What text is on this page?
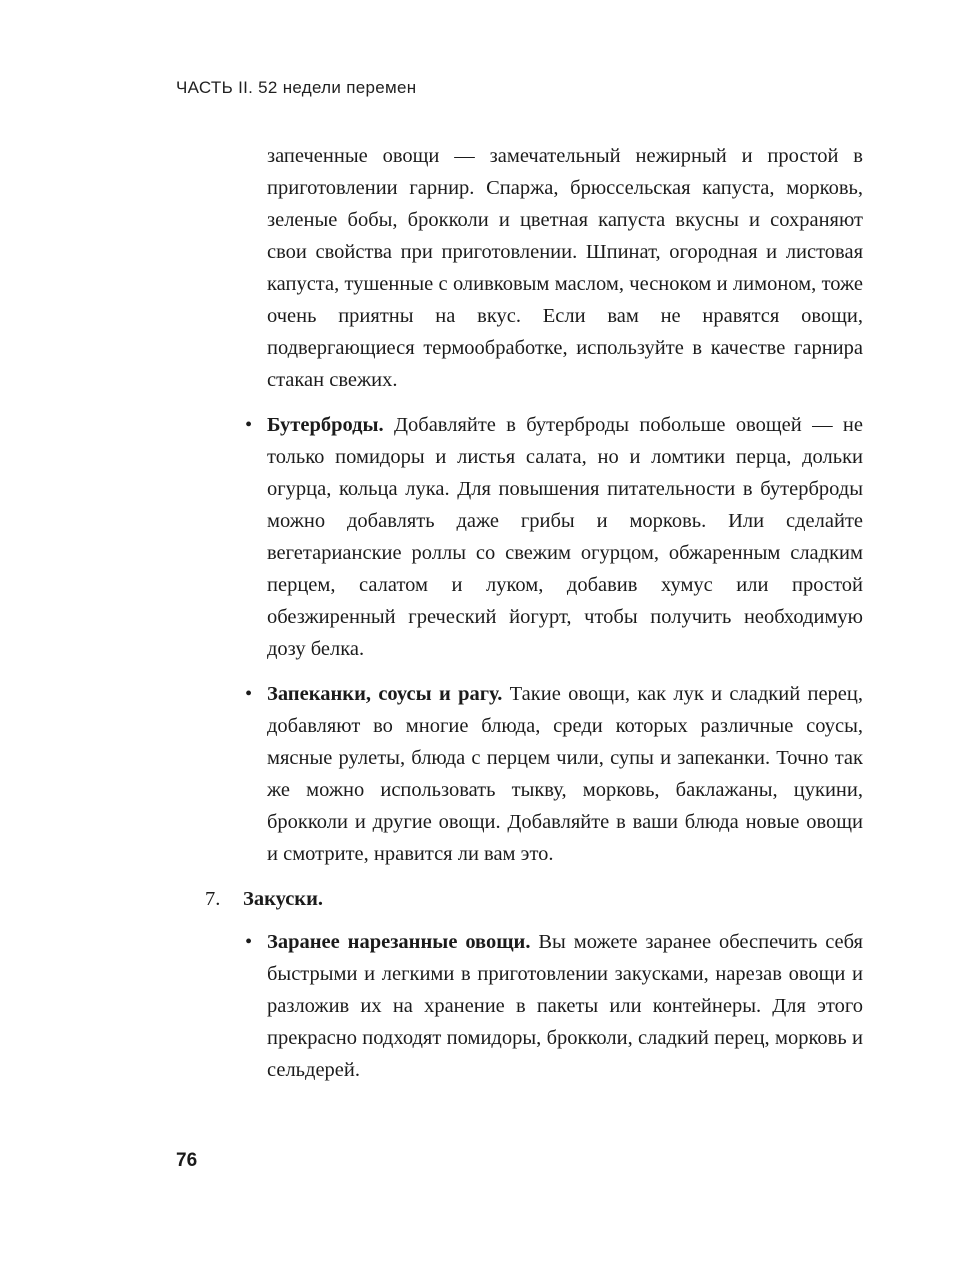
ЧАСТЬ II. 52 недели перемен

запеченные овощи — замечательный нежирный и простой в приготовлении гарнир. Спаржа, брюссельская капуста, морковь, зеленые бобы, брокколи и цветная капуста вкусны и сохраняют свои свойства при приготовлении. Шпинат, огородная и листовая капуста, тушенные с оливковым маслом, чесноком и лимоном, тоже очень приятны на вкус. Если вам не нравятся овощи, подвергающиеся термообработке, используйте в качестве гарнира стакан свежих.

• Бутерброды. Добавляйте в бутерброды побольше овощей — не только помидоры и листья салата, но и ломтики перца, дольки огурца, кольца лука. Для повышения питательности в бутерброды можно добавлять даже грибы и морковь. Или сделайте вегетарианские роллы со свежим огурцом, обжаренным сладким перцем, салатом и луком, добавив хумус или простой обезжиренный греческий йогурт, чтобы получить необходимую дозу белка.

• Запеканки, соусы и рагу. Такие овощи, как лук и сладкий перец, добавляют во многие блюда, среди которых различные соусы, мясные рулеты, блюда с перцем чили, супы и запеканки. Точно так же можно использовать тыкву, морковь, баклажаны, цукини, брокколи и другие овощи. Добавляйте в ваши блюда новые овощи и смотрите, нравится ли вам это.

7. Закуски.
• Заранее нарезанные овощи. Вы можете заранее обеспечить себя быстрыми и легкими в приготовлении закусками, нарезав овощи и разложив их на хранение в пакеты или контейнеры. Для этого прекрасно подходят помидоры, брокколи, сладкий перец, морковь и сельдерей.

76
